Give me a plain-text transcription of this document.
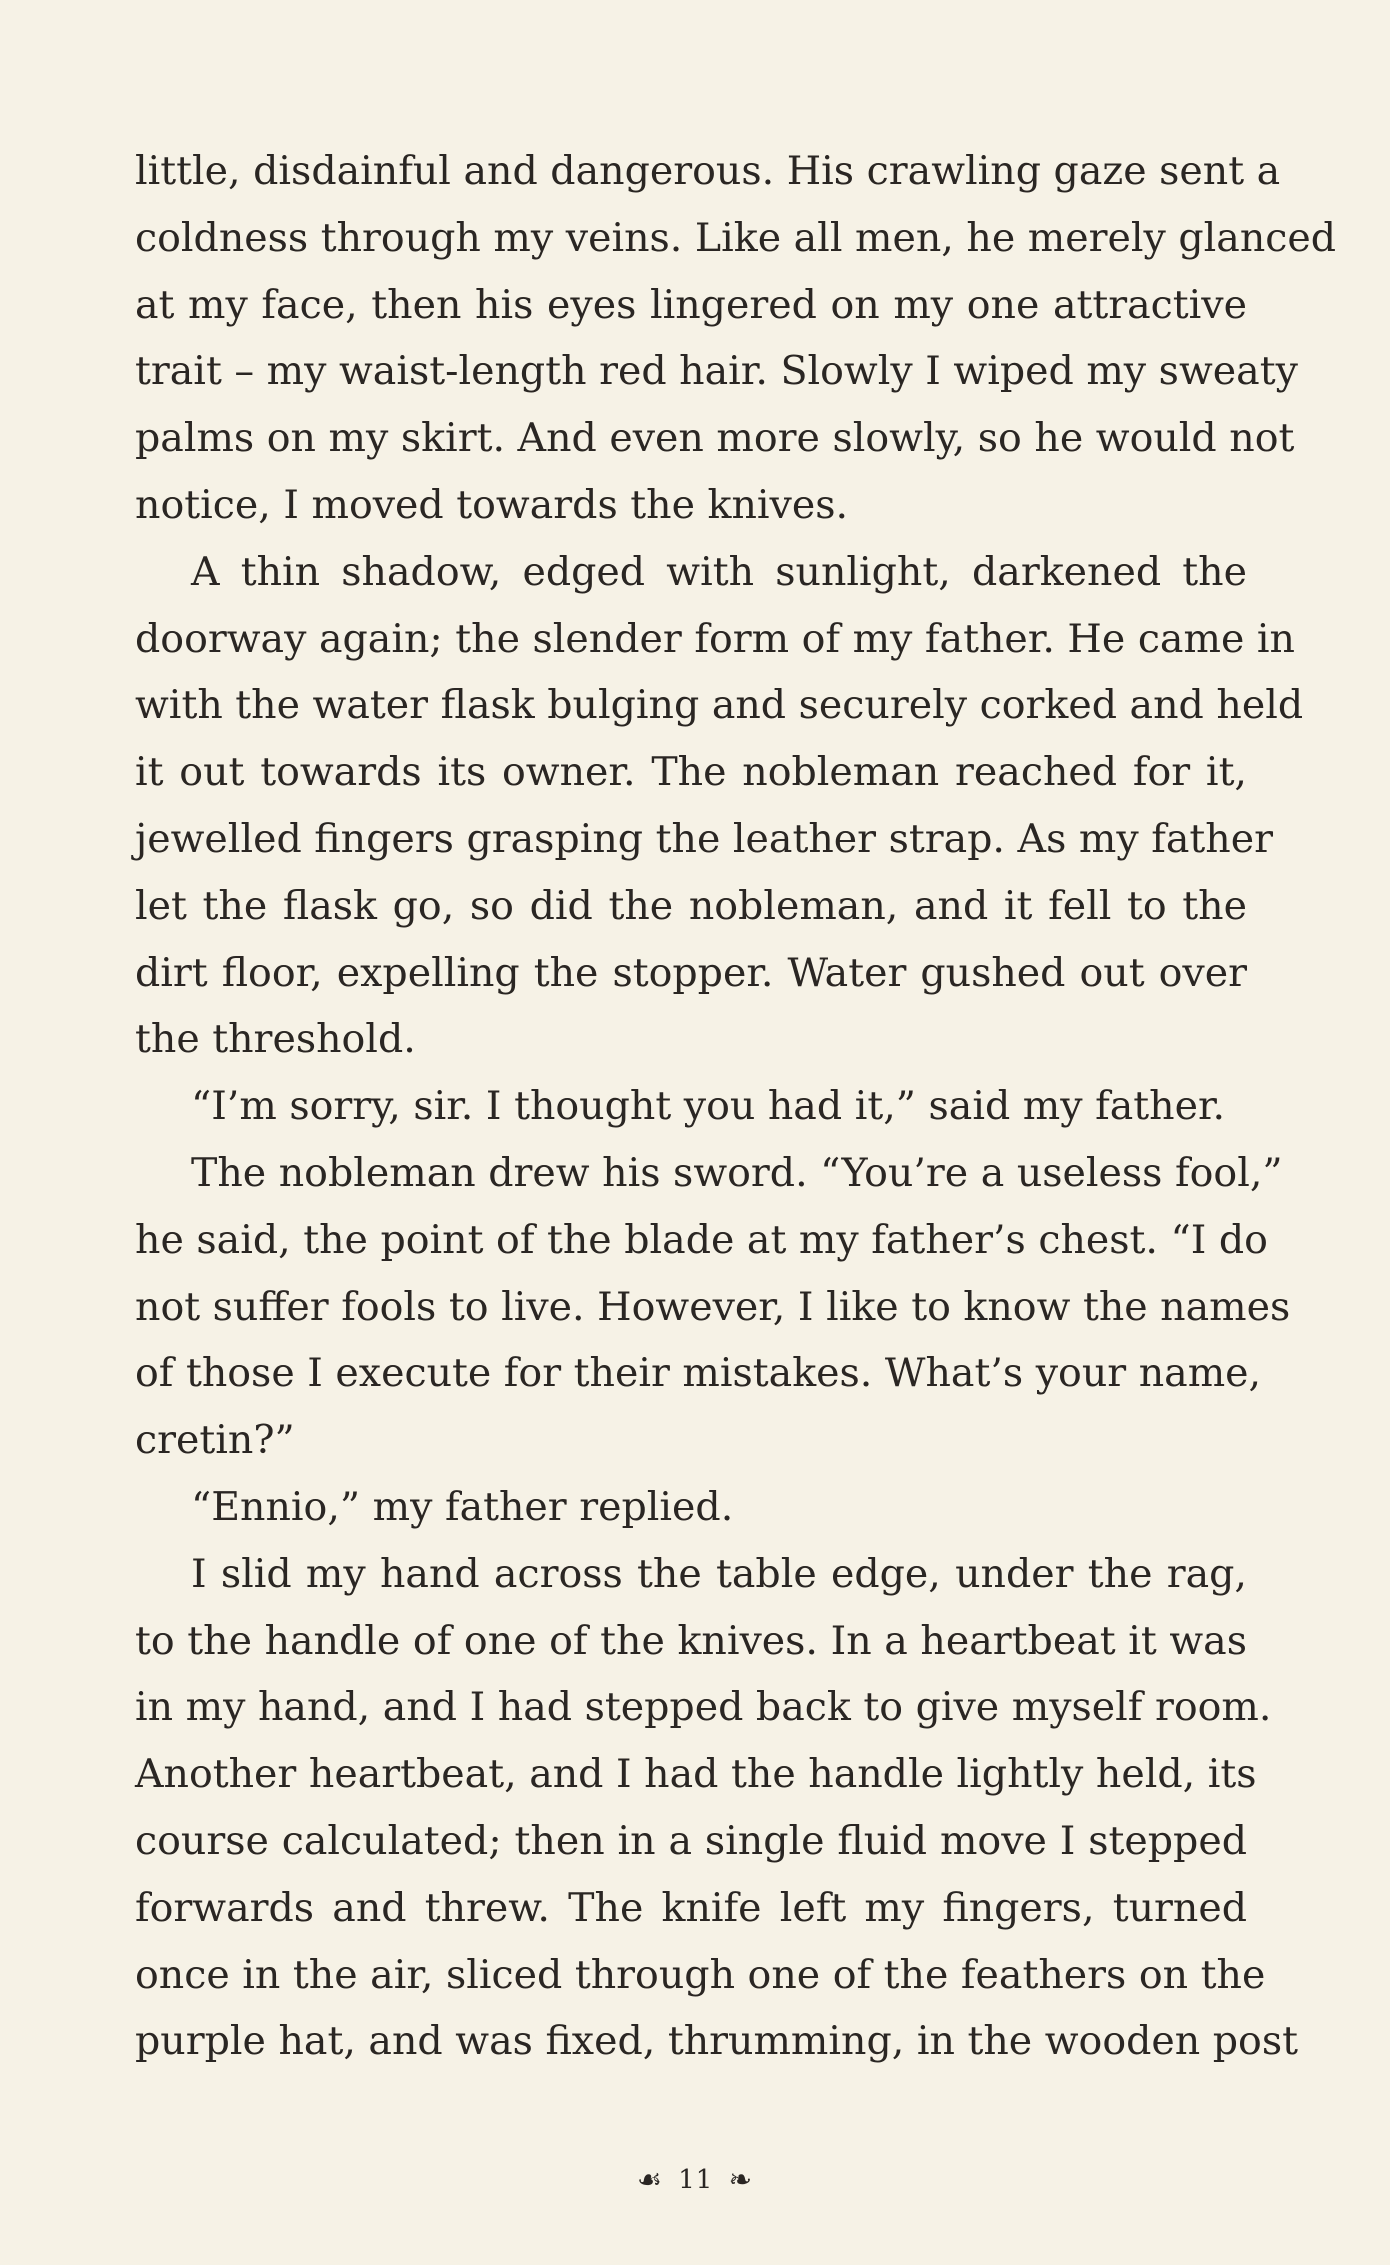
little, disdainful and dangerous. His crawling gaze sent a
coldness through my veins. Like all men, he merely glanced
at my face, then his eyes lingered on my one attractive
trait – my waist-length red hair. Slowly I wiped my sweaty
palms on my skirt. And even more slowly, so he would not
notice, I moved towards the knives.
A thin shadow, edged with sunlight, darkened the
doorway again; the slender form of my father. He came in
with the water flask bulging and securely corked and held
it out towards its owner. The nobleman reached for it,
jewelled fingers grasping the leather strap. As my father
let the flask go, so did the nobleman, and it fell to the
dirt floor, expelling the stopper. Water gushed out over
the threshold.
“I’m sorry, sir. I thought you had it,” said my father.
The nobleman drew his sword. “You’re a useless fool,”
he said, the point of the blade at my father’s chest. “I do
not suffer fools to live. However, I like to know the names
of those I execute for their mistakes. What’s your name,
cretin?”
“Ennio,” my father replied.
I slid my hand across the table edge, under the rag,
to the handle of one of the knives. In a heartbeat it was
in my hand, and I had stepped back to give myself room.
Another heartbeat, and I had the handle lightly held, its
course calculated; then in a single fluid move I stepped
forwards and threw. The knife left my fingers, turned
once in the air, sliced through one of the feathers on the
purple hat, and was fixed, thrumming, in the wooden post
☙ 11 ❧
